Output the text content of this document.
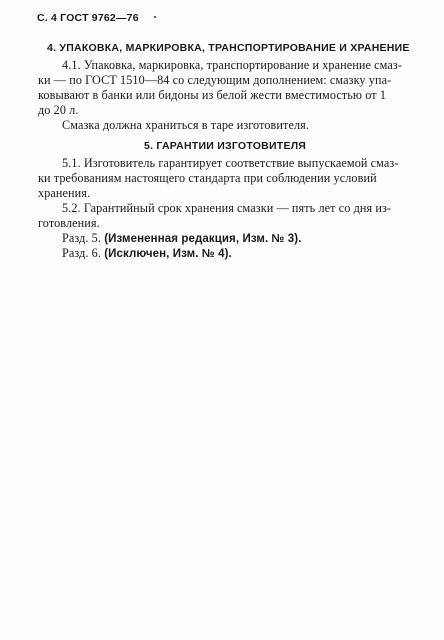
С. 4 ГОСТ 9762—76
4. УПАКОВКА, МАРКИРОВКА, ТРАНСПОРТИРОВАНИЕ И ХРАНЕНИЕ
4.1. Упаковка, маркировка, транспортирование и хранение смаз-
ки — по ГОСТ 1510—84 со следующим дополнением: смазку упа-
ковывают в банки или бидоны из белой жести вместимостью от 1
до 20 л.
Смазка должна храниться в таре изготовителя.
5. ГАРАНТИИ ИЗГОТОВИТЕЛЯ
5.1. Изготовитель гарантирует соответствие выпускаемой смаз-
ки требованиям настоящего стандарта при соблюдении условий
хранения.
5.2. Гарантийный срок хранения смазки — пять лет со дня из-
готовления.
Разд. 5. (Измененная редакция, Изм. № 3).
Разд. 6. (Исключен, Изм. № 4).
